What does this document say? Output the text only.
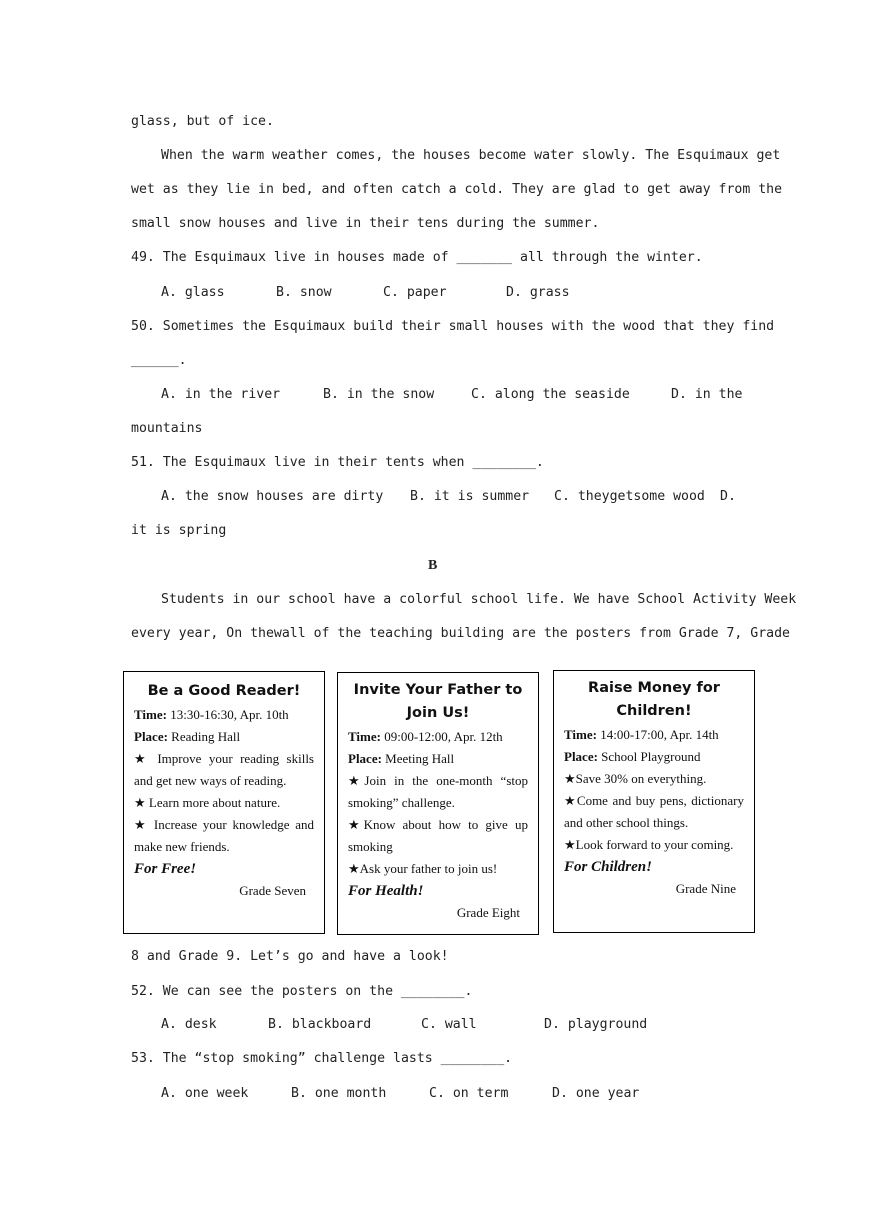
glass, but of ice.
When the warm weather comes, the houses become water slowly. The Esquimaux get
wet as they lie in bed, and often catch a cold. They are glad to get away from the
small snow houses and live in their tens during the summer.
49. The Esquimaux live in houses made of _______ all through the winter.
A. glass	B. snow	C. paper	D. grass
50. Sometimes the Esquimaux build their small houses with the wood that they find
______.
A. in the river	B. in the snow	C. along the seaside	D. in the
mountains
51. The Esquimaux live in their tents when ________.
A. the snow houses are dirty B. it is summer C. theygetsome wood D.
it is spring
B
Students in our school have a colorful school life. We have School Activity Week
every year, On thewall of the teaching building are the posters from Grade 7, Grade
Be a Good Reader!
Time: 13:30-16:30, Apr. 10th
Place: Reading Hall
★ Improve your reading skills and get new ways of reading.
★ Learn more about nature.
★ Increase your knowledge and make new friends.
For Free!
Grade Seven
Invite Your Father to Join Us!
Time: 09:00-12:00, Apr. 12th
Place: Meeting Hall
★Join in the one-month “stop smoking” challenge.
★Know about how to give up smoking
★Ask your father to join us!
For Health!
Grade Eight
Raise Money for Children!
Time: 14:00-17:00, Apr. 14th
Place: School Playground
★Save 30% on everything.
★Come and buy pens, dictionary and other school things.
★Look forward to your coming.
For Children!
Grade Nine
8 and Grade 9. Let’s go and have a look!
52. We can see the posters on the ________.
A. desk	B. blackboard	C. wall	D. playground
53. The “stop smoking” challenge lasts ________.
A. one week	B. one month	C. on term	D. one year
